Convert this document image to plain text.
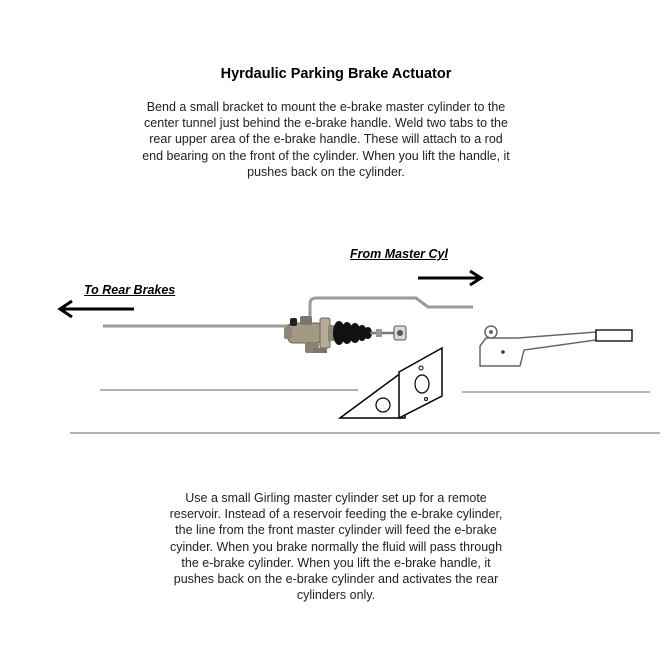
Hyrdaulic Parking Brake Actuator
Bend a small bracket to mount the e-brake master cylinder to the center tunnel just behind the e-brake handle. Weld two tabs to the rear upper area of the e-brake handle. These will attach to a rod end bearing on the front of the cylinder. When you lift the handle, it pushes back on the cylinder.
From Master Cyl
To Rear Brakes
Use a small Girling master cylinder set up for a remote reservoir. Instead of a reservoir feeding the e-brake cylinder, the line from the front master cylinder will feed the e-brake cyinder. When you brake normally the fluid will pass through the e-brake cylinder. When you lift the e-brake handle, it pushes back on the e-brake cylinder and activates the rear cylinders only.
